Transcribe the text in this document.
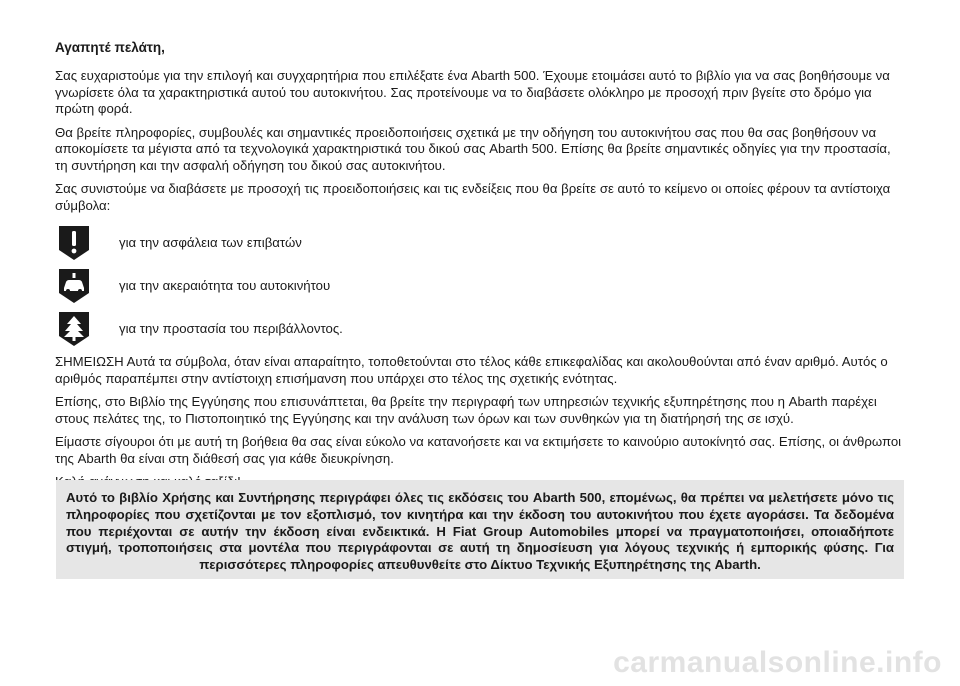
Αγαπητέ πελάτη,

Σας ευχαριστούμε για την επιλογή και συγχαρητήρια που επιλέξατε ένα Abarth 500. Έχουμε ετοιμάσει αυτό το βιβλίο για να σας βοηθήσουμε να γνωρίσετε όλα τα χαρακτηριστικά αυτού του αυτοκινήτου. Σας προτείνουμε να το διαβάσετε ολόκληρο με προσοχή πριν βγείτε στο δρόμο για πρώτη φορά.

Θα βρείτε πληροφορίες, συμβουλές και σημαντικές προειδοποιήσεις σχετικά με την οδήγηση του αυτοκινήτου σας που θα σας βοηθήσουν να αποκομίσετε τα μέγιστα από τα τεχνολογικά χαρακτηριστικά του δικού σας Abarth 500. Επίσης θα βρείτε σημαντικές οδηγίες για την προστασία, τη συντήρηση και την ασφαλή οδήγηση του δικού σας αυτοκινήτου.

Σας συνιστούμε να διαβάσετε με προσοχή τις προειδοποιήσεις και τις ενδείξεις που θα βρείτε σε αυτό το κείμενο οι οποίες φέρουν τα αντίστοιχα σύμβολα:

για την ασφάλεια των επιβατών
για την ακεραιότητα του αυτοκινήτου
για την προστασία του περιβάλλοντος.

ΣΗΜΕΙΩΣΗ Αυτά τα σύμβολα, όταν είναι απαραίτητο, τοποθετούνται στο τέλος κάθε επικεφαλίδας και ακολουθούνται από έναν αριθμό. Αυτός ο αριθμός παραπέμπει στην αντίστοιχη επισήμανση που υπάρχει στο τέλος της σχετικής ενότητας.

Επίσης, στο Βιβλίο της Εγγύησης που επισυνάπτεται, θα βρείτε την περιγραφή των υπηρεσιών τεχνικής εξυπηρέτησης που η Abarth παρέχει στους πελάτες της, το Πιστοποιητικό της Εγγύησης και την ανάλυση των όρων και των συνθηκών για τη διατήρησή της σε ισχύ.

Είμαστε σίγουροι ότι με αυτή τη βοήθεια θα σας είναι εύκολο να κατανοήσετε και να εκτιμήσετε το καινούριο αυτοκίνητό σας. Επίσης, οι άνθρωποι της Abarth θα είναι στη διάθεσή σας για κάθε διευκρίνηση.

Αυτό το βιβλίο Χρήσης και Συντήρησης περιγράφει όλες τις εκδόσεις του Abarth 500, επομένως, θα πρέπει να μελετήσετε μόνο τις πληροφορίες που σχετίζονται με τον εξοπλισμό, τον κινητήρα και την έκδοση του αυτοκινήτου που έχετε αγοράσει. Τα δεδομένα που περιέχονται σε αυτήν την έκδοση είναι ενδεικτικά. Η Fiat Group Automobiles μπορεί να πραγματοποιήσει, οποιαδήποτε στιγμή, τροποποιήσεις στα μοντέλα που περιγράφονται σε αυτή τη δημοσίευση για λόγους τεχνικής ή εμπορικής φύσης. Για περισσότερες πληροφορίες απευθυνθείτε στο Δίκτυο Τεχνικής Εξυπηρέτησης της Abarth.
carmanualsonline.info
